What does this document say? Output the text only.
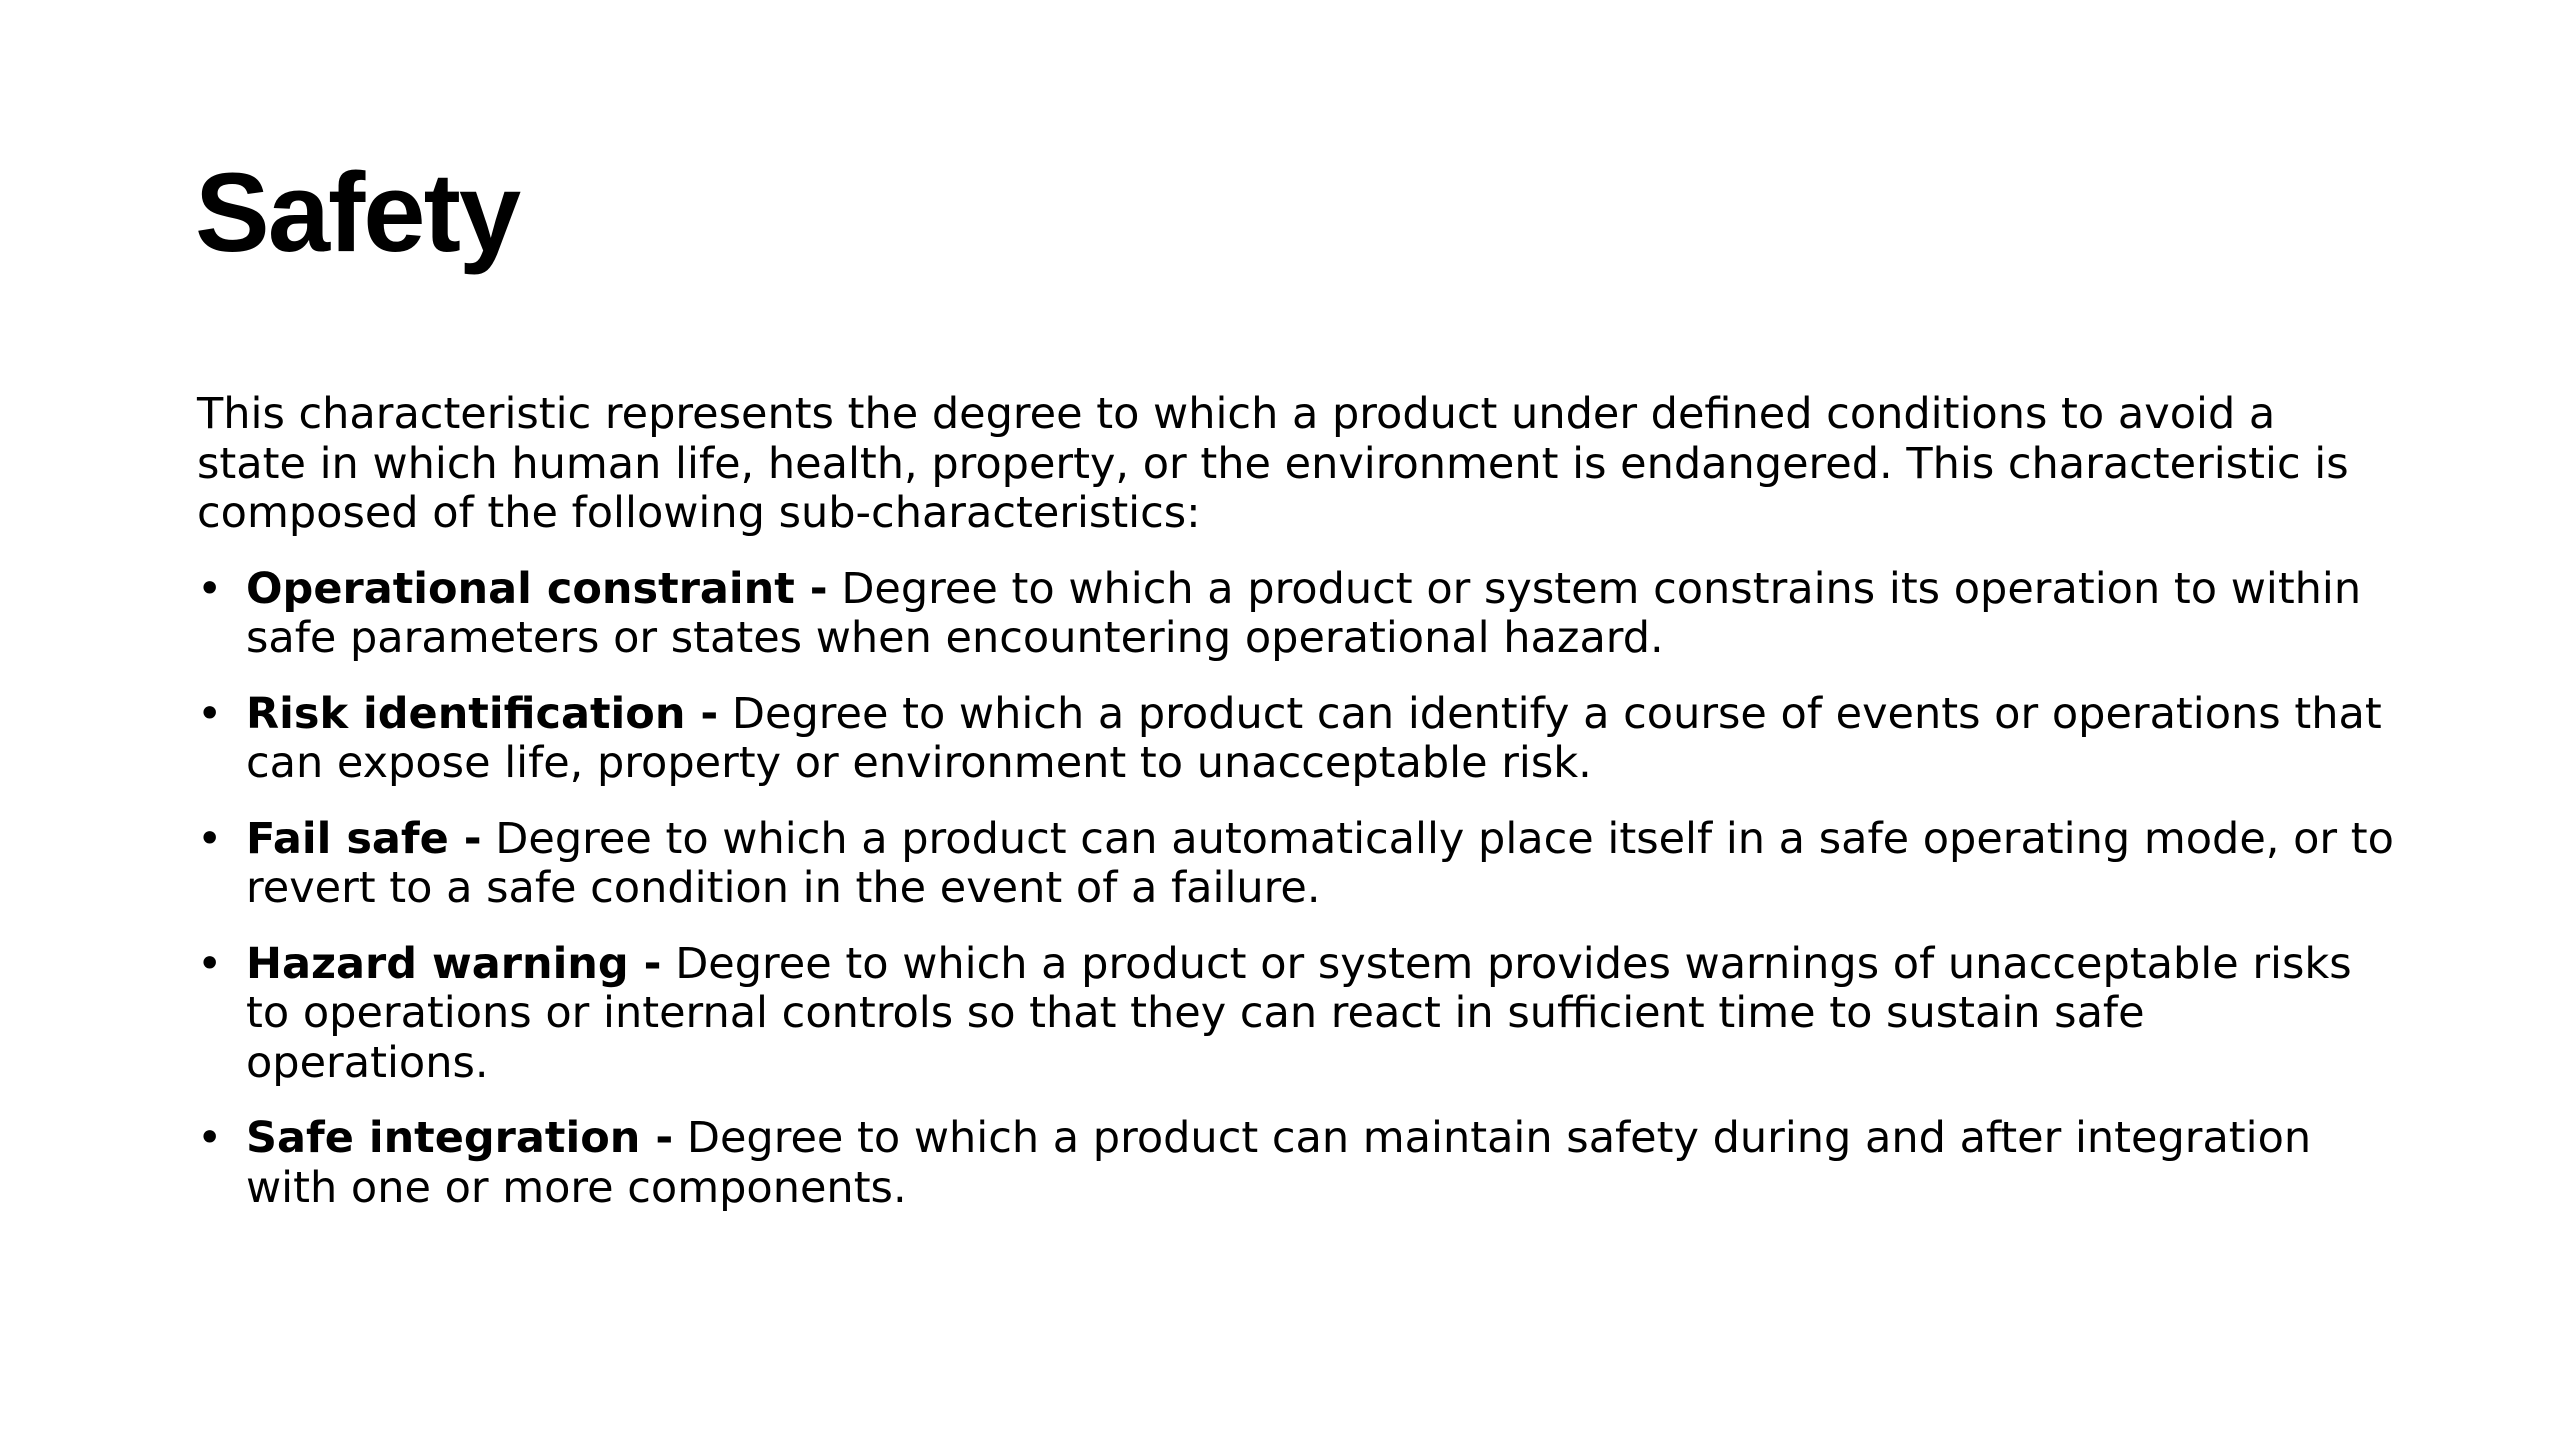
Safety

This characteristic represents the degree to which a product under defined conditions to avoid a state in which human life, health, property, or the environment is endangered. This characteristic is composed of the following sub-characteristics:

• Operational constraint - Degree to which a product or system constrains its operation to within safe parameters or states when encountering operational hazard.
• Risk identification - Degree to which a product can identify a course of events or operations that can expose life, property or environment to unacceptable risk.
• Fail safe - Degree to which a product can automatically place itself in a safe operating mode, or to revert to a safe condition in the event of a failure.
• Hazard warning - Degree to which a product or system provides warnings of unacceptable risks to operations or internal controls so that they can react in sufficient time to sustain safe operations.
• Safe integration - Degree to which a product can maintain safety during and after integration with one or more components.
